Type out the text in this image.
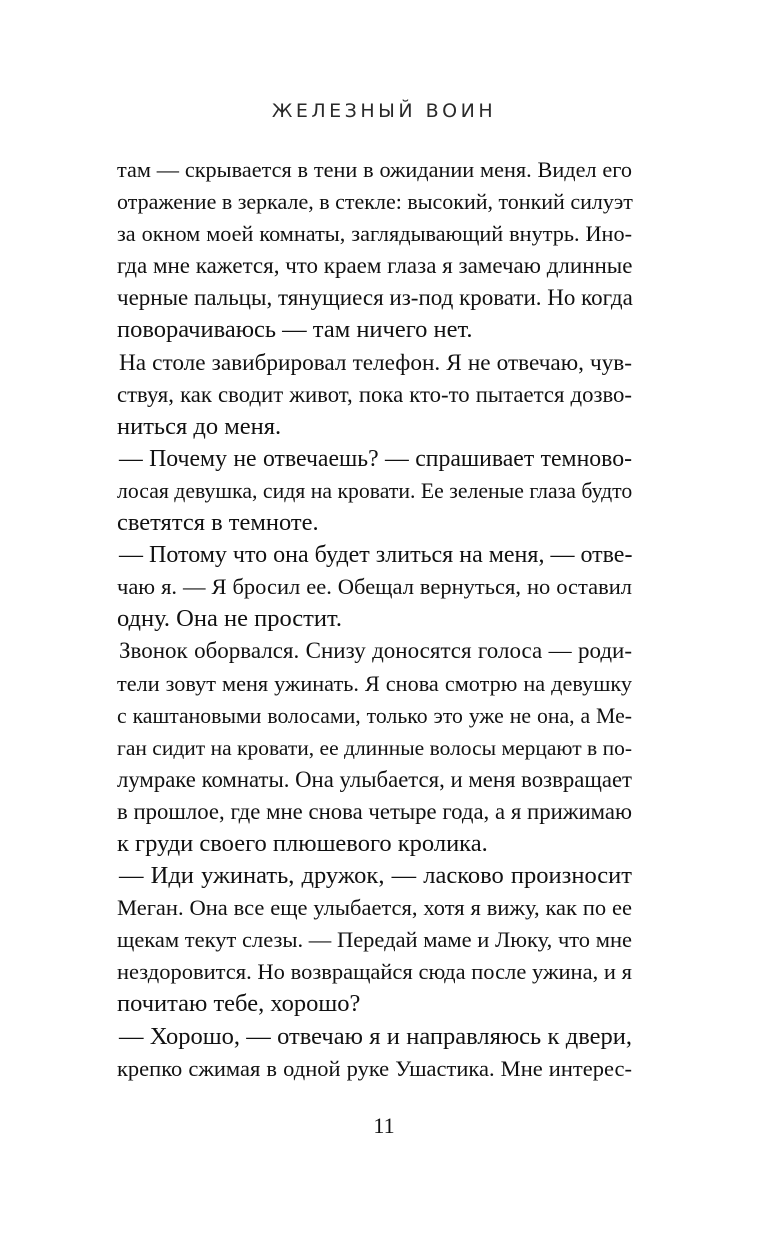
ЖЕЛЕЗНЫЙ ВОИН
там — скрывается в тени в ожидании меня. Видел его
отражение в зеркале, в стекле: высокий, тонкий силуэт
за окном моей комнаты, заглядывающий внутрь. Ино-
гда мне кажется, что краем глаза я замечаю длинные
черные пальцы, тянущиеся из-под кровати. Но когда
поворачиваюсь — там ничего нет.
На столе завибрировал телефон. Я не отвечаю, чув-
ствуя, как сводит живот, пока кто-то пытается дозво-
ниться до меня.
— Почему не отвечаешь? — спрашивает темново-
лосая девушка, сидя на кровати. Ее зеленые глаза будто
светятся в темноте.
— Потому что она будет злиться на меня, — отве-
чаю я. — Я бросил ее. Обещал вернуться, но оставил
одну. Она не простит.
Звонок оборвался. Снизу доносятся голоса — роди-
тели зовут меня ужинать. Я снова смотрю на девушку
с каштановыми волосами, только это уже не она, а Ме-
ган сидит на кровати, ее длинные волосы мерцают в по-
лумраке комнаты. Она улыбается, и меня возвращает
в прошлое, где мне снова четыре года, а я прижимаю
к груди своего плюшевого кролика.
— Иди ужинать, дружок, — ласково произносит
Меган. Она все еще улыбается, хотя я вижу, как по ее
щекам текут слезы. — Передай маме и Люку, что мне
нездоровится. Но возвращайся сюда после ужина, и я
почитаю тебе, хорошо?
— Хорошо, — отвечаю я и направляюсь к двери,
крепко сжимая в одной руке Ушастика. Мне интерес-
11
